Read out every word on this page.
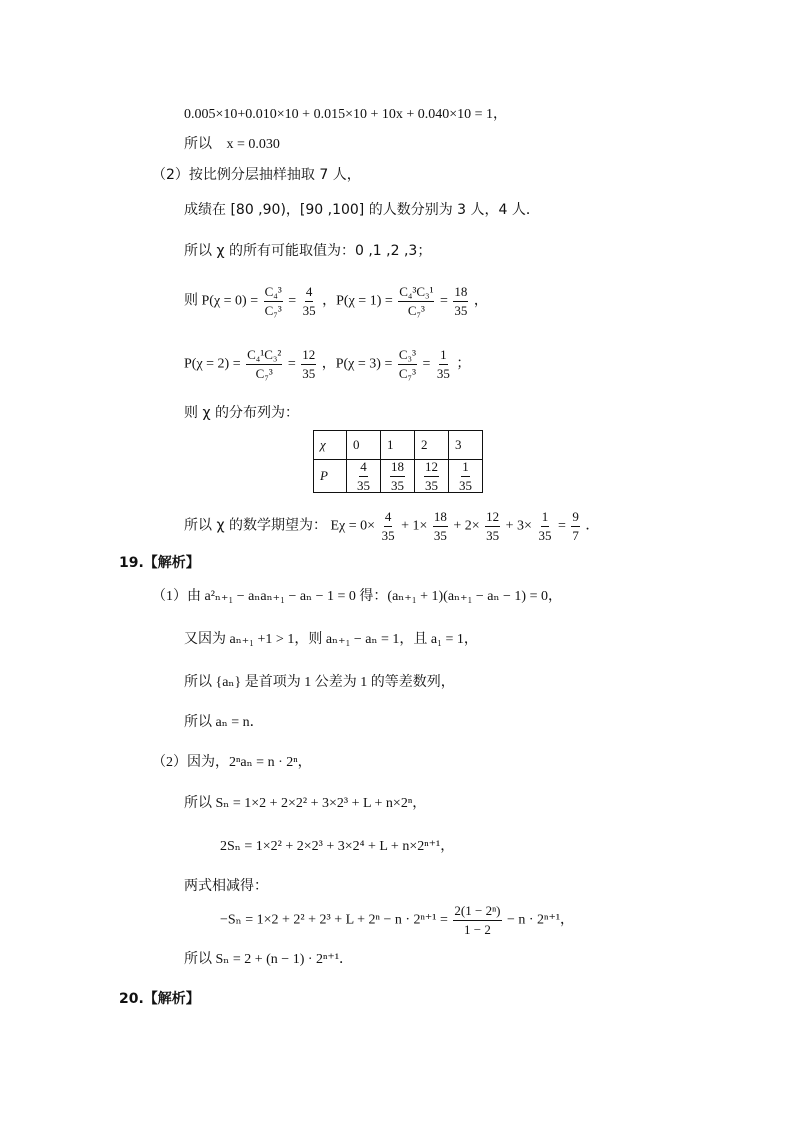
0.005×10+0.010×10 + 0.015×10 + 10x + 0.040×10 = 1，
所以 x = 0.030
（2）按比例分层抽样抽取 7 人，
成绩在 [80 ,90)，[90 ,100] 的人数分别为 3 人，4 人．
所以 χ 的所有可能取值为：0 ,1 ,2 ,3；
则 $P(\chi = 0) = \frac{\text{C₄³}}{\text{C₇³}} = \frac{4}{35}$ ，$P(\chi = 1) = \frac{\text{C₄³C₃¹}}{\text{C₇³}} = \frac{18}{35}$ ，
$P(\chi = 2) = \frac{\text{C₄¹C₃²}}{\text{C₇³}} = \frac{12}{35}$ ，$P(\chi = 3) = \frac{\text{C₃³}}{\text{C₇³}} = \frac{1}{35}$ ；
则 χ 的分布列为：
χ	0	1	2	3
P	$\frac{4}{35}$	$\frac{18}{35}$	$\frac{12}{35}$	$\frac{1}{35}$
所以 χ 的数学期望为： $E\chi = 0\times \frac{4}{35} + 1\times \frac{18}{35} + 2\times \frac{12}{35} + 3\times \frac{1}{35} = \frac{9}{7}$ ．
19.【解析】
（1）由 a²ₙ₊₁ − aₙaₙ₊₁ − aₙ − 1 = 0 得：(aₙ₊₁ + 1)(aₙ₊₁ − aₙ − 1) = 0，
又因为 aₙ₊₁ +1 > 1，则 aₙ₊₁ − aₙ = 1，且 a₁ = 1，
所以 {aₙ} 是首项为 1 公差为 1 的等差数列，
所以 aₙ = n．
（2）因为，2ⁿaₙ = n · 2ⁿ，
所以 Sₙ = 1×2 + 2×2² + 3×2³ + L + n×2ⁿ，
2Sₙ = 1×2² + 2×2³ + 3×2⁴ + L + n×2ⁿ⁺¹，
两式相减得：
$-S_n = 1\times 2 + 2^2 + 2^3 + L + 2^n - n \cdot 2^{n+1} = \frac{\text{2(1 − 2ⁿ)}}{1 - 2} - n \cdot 2^{n+1}$，
所以 Sₙ = 2 + (n − 1) · 2ⁿ⁺¹．
20.【解析】
